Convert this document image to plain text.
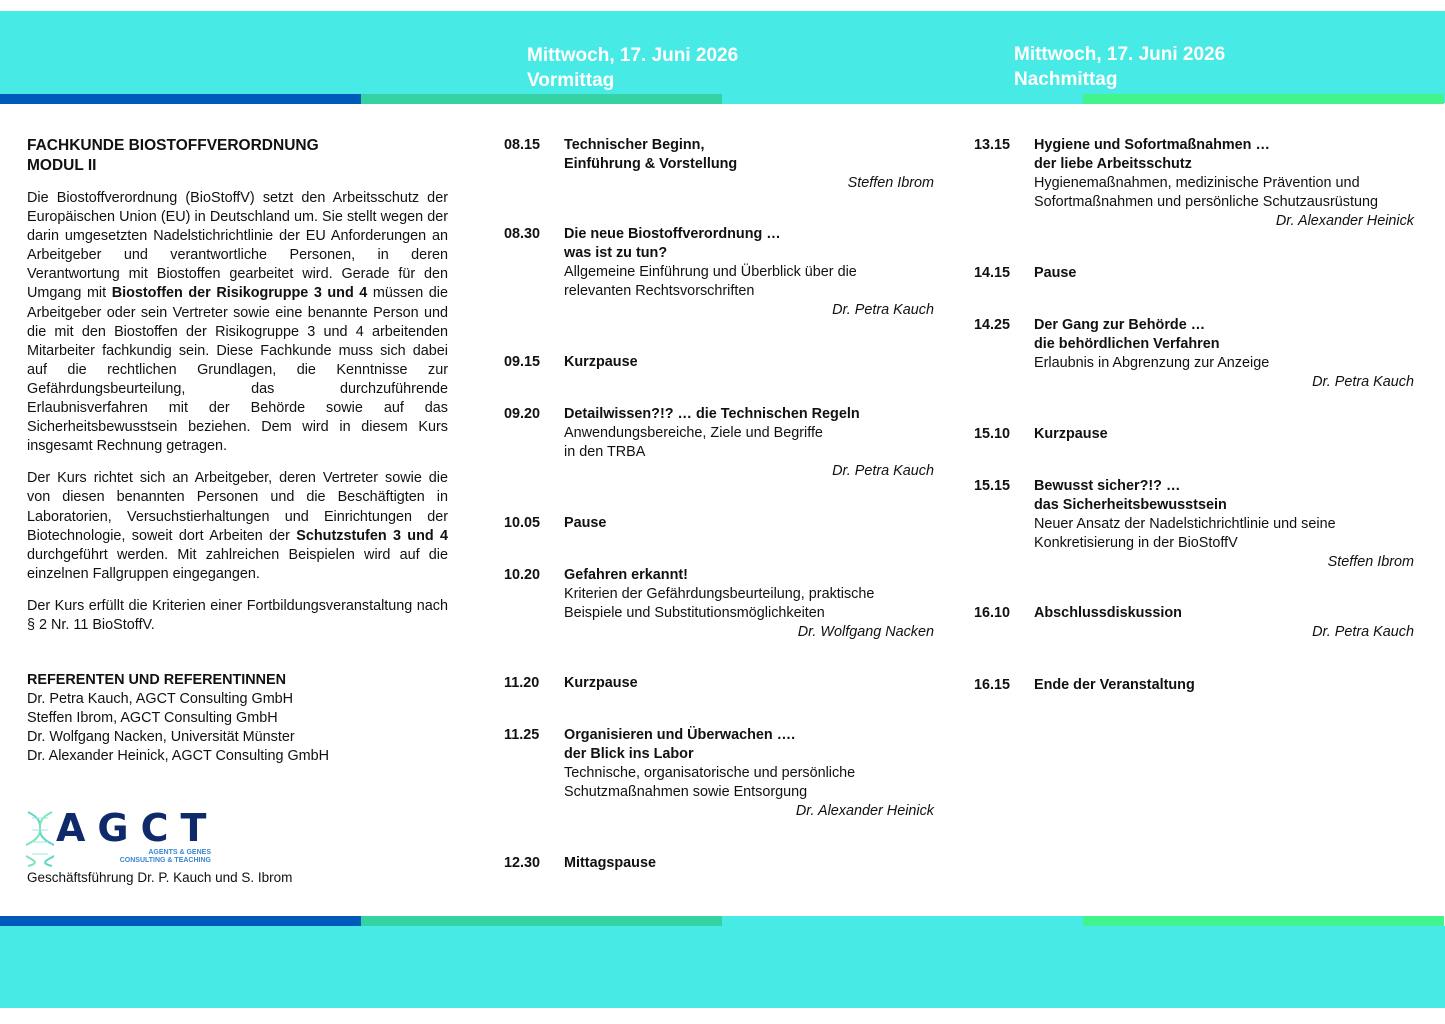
Mittwoch, 17. Juni 2026
Vormittag
Mittwoch, 17. Juni 2026
Nachmittag
FACHKUNDE BIOSTOFFVERORDNUNG
MODUL II

Die Biostoffverordnung (BioStoffV) setzt den Arbeitsschutz der Europäischen Union (EU) in Deutschland um. Sie stellt wegen der darin umgesetzten Nadelstichrichtlinie der EU Anforderungen an Arbeitgeber und verantwortliche Personen, in deren Verantwortung mit Biostoffen gearbeitet wird. Gerade für den Umgang mit Biostoffen der Risikogruppe 3 und 4 müssen die Arbeitgeber oder sein Vertreter sowie eine benannte Person und die mit den Biostoffen der Risikogruppe 3 und 4 arbeitenden Mitarbeiter fachkundig sein. Diese Fachkunde muss sich dabei auf die rechtlichen Grundlagen, die Kenntnisse zur Gefährdungsbeurteilung, das durchzuführende Erlaubnisverfahren mit der Behörde sowie auf das Sicherheitsbewusstsein beziehen. Dem wird in diesem Kurs insgesamt Rechnung getragen.

Der Kurs richtet sich an Arbeitgeber, deren Vertreter sowie die von diesen benannten Personen und die Beschäftigten in Laboratorien, Versuchstierhaltungen und Einrichtungen der Biotechnologie, soweit dort Arbeiten der Schutzstufen 3 und 4 durchgeführt werden. Mit zahlreichen Beispielen wird auf die einzelnen Fallgruppen eingegangen.

Der Kurs erfüllt die Kriterien einer Fortbildungsveranstaltung nach § 2 Nr. 11 BioStoffV.

REFERENTEN UND REFERENTINNEN
Dr. Petra Kauch, AGCT Consulting GmbH
Steffen Ibrom, AGCT Consulting GmbH
Dr. Wolfgang Nacken, Universität Münster
Dr. Alexander Heinick, AGCT Consulting GmbH
AGCT
AGENTS & GENES
CONSULTING & TEACHING
Geschäftsführung Dr. P. Kauch und S. Ibrom
08.15 Technischer Beginn,
Einführung & Vorstellung
Steffen Ibrom
08.30 Die neue Biostoffverordnung …
was ist zu tun?
Allgemeine Einführung und Überblick über die
relevanten Rechtsvorschriften
Dr. Petra Kauch
09.15 Kurzpause
09.20 Detailwissen?!? … die Technischen Regeln
Anwendungsbereiche, Ziele und Begriffe
in den TRBA
Dr. Petra Kauch
10.05 Pause
10.20 Gefahren erkannt!
Kriterien der Gefährdungsbeurteilung, praktische
Beispiele und Substitutionsmöglichkeiten
Dr. Wolfgang Nacken
11.20 Kurzpause
11.25 Organisieren und Überwachen ….
der Blick ins Labor
Technische, organisatorische und persönliche
Schutzmaßnahmen sowie Entsorgung
Dr. Alexander Heinick
12.30 Mittagspause
13.15 Hygiene und Sofortmaßnahmen …
der liebe Arbeitsschutz
Hygienemaßnahmen, medizinische Prävention und
Sofortmaßnahmen und persönliche Schutzausrüstung
Dr. Alexander Heinick
14.15 Pause
14.25 Der Gang zur Behörde …
die behördlichen Verfahren
Erlaubnis in Abgrenzung zur Anzeige
Dr. Petra Kauch
15.10 Kurzpause
15.15 Bewusst sicher?!? …
das Sicherheitsbewusstsein
Neuer Ansatz der Nadelstichrichtlinie und seine
Konkretisierung in der BioStoffV
Steffen Ibrom
16.10 Abschlussdiskussion
Dr. Petra Kauch
16.15 Ende der Veranstaltung
